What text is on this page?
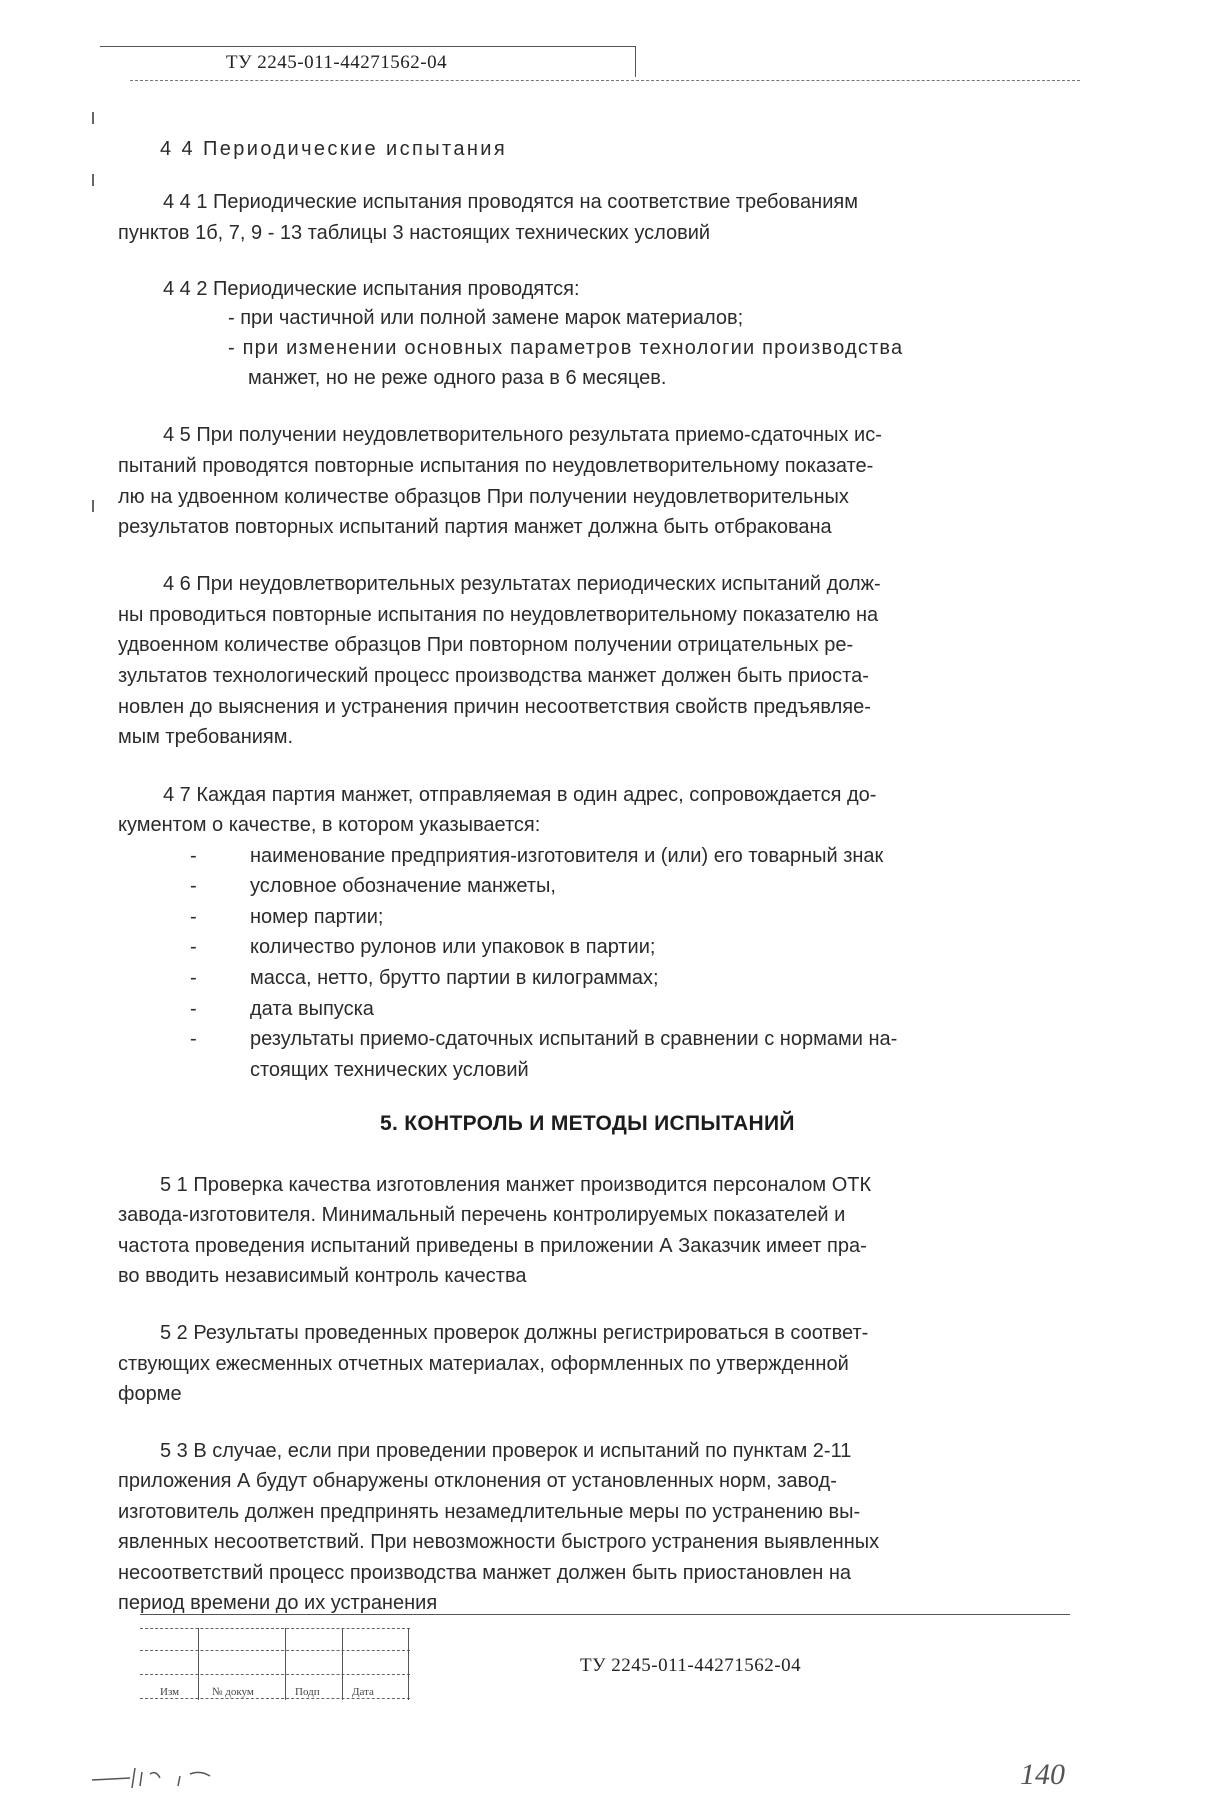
ТУ 2245-011-44271562-04
4 4 Периодические испытания
4 4 1 Периодические испытания проводятся на соответствие требованиям
пунктов 1б, 7, 9 - 13 таблицы 3 настоящих технических условий
4 4 2 Периодические испытания проводятся:
- при частичной или полной замене марок материалов;
- при изменении основных параметров технологии производства
манжет, но не реже одного раза в 6 месяцев.
4 5 При получении неудовлетворительного результата приемо-сдаточных ис-
пытаний проводятся повторные испытания по неудовлетворительному показате-
лю на удвоенном количестве образцов При получении неудовлетворительных
результатов повторных испытаний партия манжет должна быть отбракована
4 6 При неудовлетворительных результатах периодических испытаний долж-
ны проводиться повторные испытания по неудовлетворительному показателю на
удвоенном количестве образцов При повторном получении отрицательных ре-
зультатов технологический процесс производства манжет должен быть приоста-
новлен до выяснения и устранения причин несоответствия свойств предъявляе-
мым требованиям.
4 7 Каждая партия манжет, отправляемая в один адрес, сопровождается до-
кументом о качестве, в котором указывается:
-	наименование предприятия-изготовителя и (или) его товарный знак
-	условное обозначение манжеты,
-	номер партии;
-	количество рулонов или упаковок в партии;
-	масса, нетто, брутто партии в килограммах;
-	дата выпуска
-	результаты приемо-сдаточных испытаний в сравнении с нормами на-
стоящих технических условий
5. КОНТРОЛЬ И МЕТОДЫ ИСПЫТАНИЙ
5 1 Проверка качества изготовления манжет производится персоналом ОТК
завода-изготовителя. Минимальный перечень контролируемых показателей и
частота проведения испытаний приведены в приложении А Заказчик имеет пра-
во вводить независимый контроль качества
5 2 Результаты проведенных проверок должны регистрироваться в соответ-
ствующих ежесменных отчетных материалах, оформленных по утвержденной
форме
5 3 В случае, если при проведении проверок и испытаний по пунктам 2-11
приложения А будут обнаружены отклонения от установленных норм, завод-
изготовитель должен предпринять незамедлительные меры по устранению вы-
явленных несоответствий. При невозможности быстрого устранения выявленных
несоответствий процесс производства манжет должен быть приостановлен на
период времени до их устранения
Изм	№ докум	Подп	Дата
ТУ 2245-011-44271562-04
140
